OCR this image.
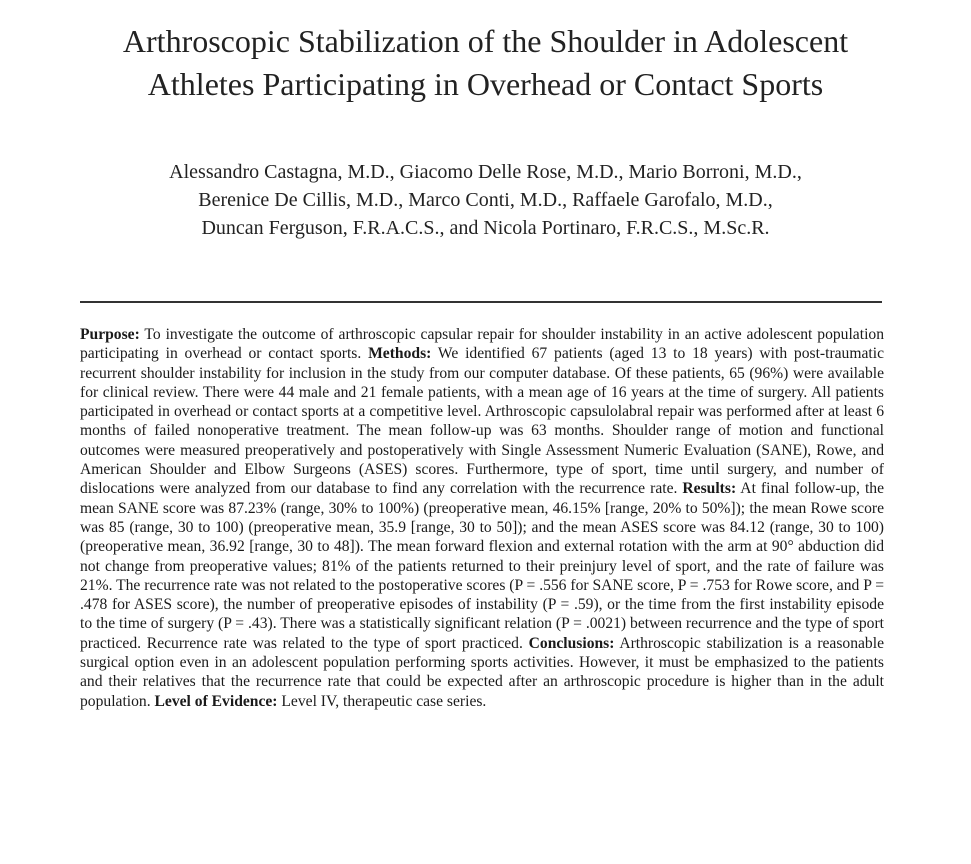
Arthroscopic Stabilization of the Shoulder in Adolescent
Athletes Participating in Overhead or Contact Sports
Alessandro Castagna, M.D., Giacomo Delle Rose, M.D., Mario Borroni, M.D.,
Berenice De Cillis, M.D., Marco Conti, M.D., Raffaele Garofalo, M.D.,
Duncan Ferguson, F.R.A.C.S., and Nicola Portinaro, F.R.C.S., M.Sc.R.
Purpose: To investigate the outcome of arthroscopic capsular repair for shoulder instability in an active adolescent population participating in overhead or contact sports. Methods: We identified 67 patients (aged 13 to 18 years) with post-traumatic recurrent shoulder instability for inclusion in the study from our computer database. Of these patients, 65 (96%) were available for clinical review. There were 44 male and 21 female patients, with a mean age of 16 years at the time of surgery. All patients participated in overhead or contact sports at a competitive level. Arthroscopic capsulolabral repair was performed after at least 6 months of failed nonoperative treatment. The mean follow-up was 63 months. Shoulder range of motion and functional outcomes were measured preoperatively and postoperatively with Single Assessment Numeric Evaluation (SANE), Rowe, and American Shoulder and Elbow Surgeons (ASES) scores. Furthermore, type of sport, time until surgery, and number of dislocations were analyzed from our database to find any correlation with the recurrence rate. Results: At final follow-up, the mean SANE score was 87.23% (range, 30% to 100%) (preoperative mean, 46.15% [range, 20% to 50%]); the mean Rowe score was 85 (range, 30 to 100) (preoperative mean, 35.9 [range, 30 to 50]); and the mean ASES score was 84.12 (range, 30 to 100) (preoperative mean, 36.92 [range, 30 to 48]). The mean forward flexion and external rotation with the arm at 90° abduction did not change from preoperative values; 81% of the patients returned to their preinjury level of sport, and the rate of failure was 21%. The recurrence rate was not related to the postoperative scores (P = .556 for SANE score, P = .753 for Rowe score, and P = .478 for ASES score), the number of preoperative episodes of instability (P = .59), or the time from the first instability episode to the time of surgery (P = .43). There was a statistically significant relation (P = .0021) between recurrence and the type of sport practiced. Recurrence rate was related to the type of sport practiced. Conclusions: Arthroscopic stabilization is a reasonable surgical option even in an adolescent population performing sports activities. However, it must be emphasized to the patients and their relatives that the recurrence rate that could be expected after an arthroscopic procedure is higher than in the adult population. Level of Evidence: Level IV, therapeutic case series.
